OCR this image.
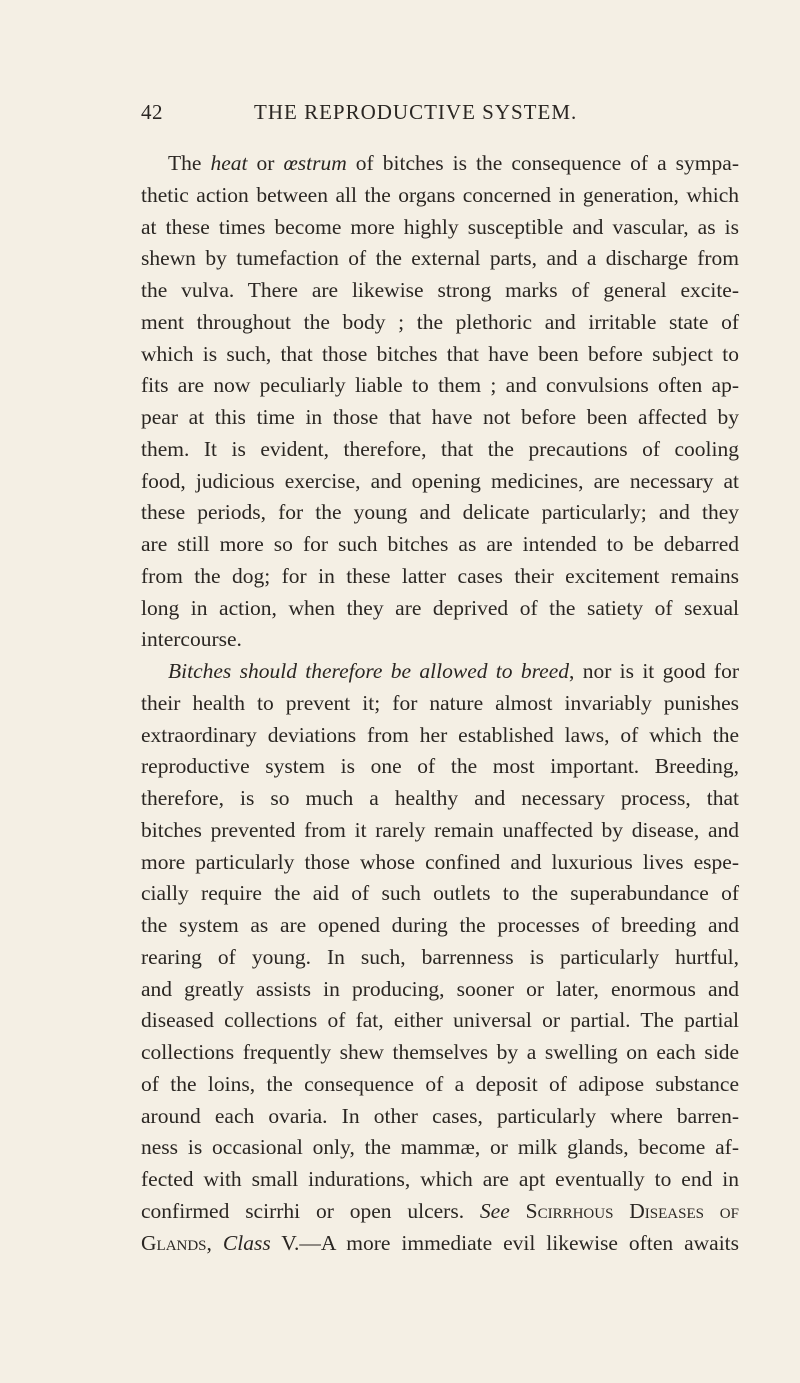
42	THE REPRODUCTIVE SYSTEM.
The heat or œstrum of bitches is the consequence of a sympa-
thetic action between all the organs concerned in generation, which
at these times become more highly susceptible and vascular, as is
shewn by tumefaction of the external parts, and a discharge from
the vulva. There are likewise strong marks of general excite-
ment throughout the body ; the plethoric and irritable state of
which is such, that those bitches that have been before subject to
fits are now peculiarly liable to them ; and convulsions often ap-
pear at this time in those that have not before been affected by
them. It is evident, therefore, that the precautions of cooling
food, judicious exercise, and opening medicines, are necessary at
these periods, for the young and delicate particularly; and they
are still more so for such bitches as are intended to be debarred
from the dog; for in these latter cases their excitement remains
long in action, when they are deprived of the satiety of sexual
intercourse.
Bitches should therefore be allowed to breed, nor is it good for
their health to prevent it; for nature almost invariably punishes
extraordinary deviations from her established laws, of which the
reproductive system is one of the most important. Breeding,
therefore, is so much a healthy and necessary process, that
bitches prevented from it rarely remain unaffected by disease, and
more particularly those whose confined and luxurious lives espe-
cially require the aid of such outlets to the superabundance of
the system as are opened during the processes of breeding and
rearing of young. In such, barrenness is particularly hurtful,
and greatly assists in producing, sooner or later, enormous and
diseased collections of fat, either universal or partial. The partial
collections frequently shew themselves by a swelling on each side
of the loins, the consequence of a deposit of adipose substance
around each ovaria. In other cases, particularly where barren-
ness is occasional only, the mammæ, or milk glands, become af-
fected with small indurations, which are apt eventually to end in
confirmed scirrhi or open ulcers. See Scirrhous Diseases of
Glands, Class V.—A more immediate evil likewise often awaits
